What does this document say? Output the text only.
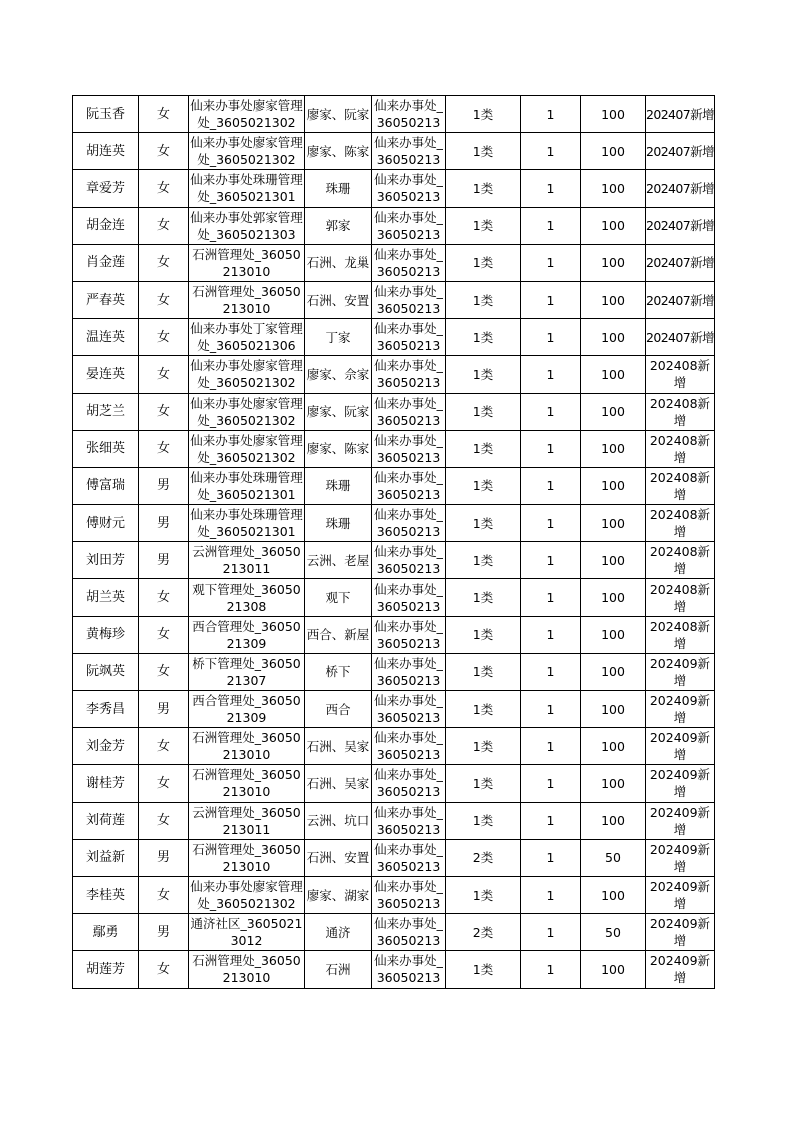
阮玉香	女	仙来办事处廖家管理处_3605021302	廖家、阮家	仙来办事处_36050213	1类	1	100	202407新增
胡连英	女	仙来办事处廖家管理处_3605021302	廖家、陈家	仙来办事处_36050213	1类	1	100	202407新增
章爱芳	女	仙来办事处珠珊管理处_3605021301	珠珊	仙来办事处_36050213	1类	1	100	202407新增
胡金连	女	仙来办事处郭家管理处_3605021303	郭家	仙来办事处_36050213	1类	1	100	202407新增
肖金莲	女	石洲管理处_36050213010	石洲、龙巢	仙来办事处_36050213	1类	1	100	202407新增
严春英	女	石洲管理处_36050213010	石洲、安置	仙来办事处_36050213	1类	1	100	202407新增
温连英	女	仙来办事处丁家管理处_3605021306	丁家	仙来办事处_36050213	1类	1	100	202407新增
晏连英	女	仙来办事处廖家管理处_3605021302	廖家、佘家	仙来办事处_36050213	1类	1	100	202408新增
胡芝兰	女	仙来办事处廖家管理处_3605021302	廖家、阮家	仙来办事处_36050213	1类	1	100	202408新增
张细英	女	仙来办事处廖家管理处_3605021302	廖家、陈家	仙来办事处_36050213	1类	1	100	202408新增
傅富瑞	男	仙来办事处珠珊管理处_3605021301	珠珊	仙来办事处_36050213	1类	1	100	202408新增
傅财元	男	仙来办事处珠珊管理处_3605021301	珠珊	仙来办事处_36050213	1类	1	100	202408新增
刘田芳	男	云洲管理处_36050213011	云洲、老屋	仙来办事处_36050213	1类	1	100	202408新增
胡兰英	女	观下管理处_3605021308	观下	仙来办事处_36050213	1类	1	100	202408新增
黄梅珍	女	西合管理处_3605021309	西合、新屋	仙来办事处_36050213	1类	1	100	202408新增
阮飒英	女	桥下管理处_3605021307	桥下	仙来办事处_36050213	1类	1	100	202409新增
李秀昌	男	西合管理处_3605021309	西合	仙来办事处_36050213	1类	1	100	202409新增
刘金芳	女	石洲管理处_36050213010	石洲、吴家	仙来办事处_36050213	1类	1	100	202409新增
谢桂芳	女	石洲管理处_36050213010	石洲、吴家	仙来办事处_36050213	1类	1	100	202409新增
刘荷莲	女	云洲管理处_36050213011	云洲、坑口	仙来办事处_36050213	1类	1	100	202409新增
刘益新	男	石洲管理处_36050213010	石洲、安置	仙来办事处_36050213	2类	1	50	202409新增
李桂英	女	仙来办事处廖家管理处_3605021302	廖家、湖家	仙来办事处_36050213	1类	1	100	202409新增
鄢勇	男	通济社区_36050213012	通济	仙来办事处_36050213	2类	1	50	202409新增
胡莲芳	女	石洲管理处_36050213010	石洲	仙来办事处_36050213	1类	1	100	202409新增
